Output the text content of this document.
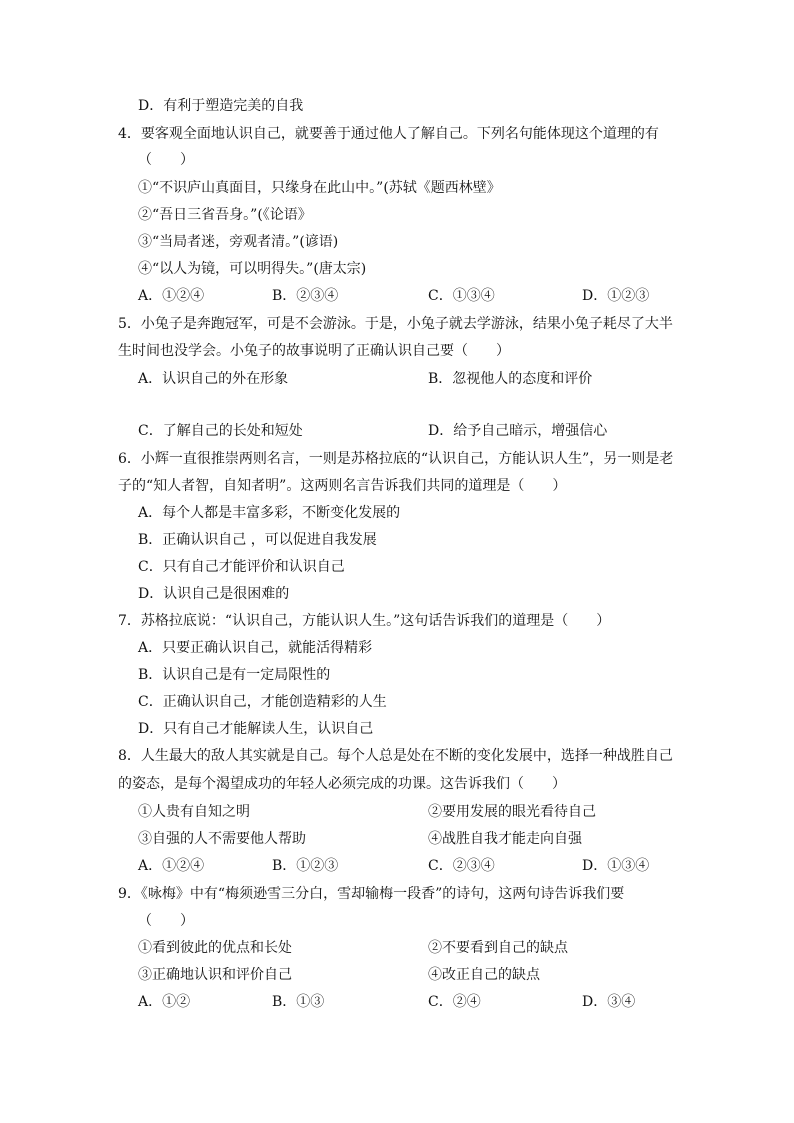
D．有利于塑造完美的自我
4．要客观全面地认识自己，就要善于通过他人了解自己。下列名句能体现这个道理的有
（　　）
①“不识庐山真面目，只缘身在此山中。”(苏轼《题西林壁》
②“吾日三省吾身。”(《论语》
③“当局者迷，旁观者清。”(谚语)
④“以人为镜，可以明得失。”(唐太宗)
A．①②④	B．②③④	C．①③④	D．①②③
5．小兔子是奔跑冠军，可是不会游泳。于是，小兔子就去学游泳，结果小兔子耗尽了大半
生时间也没学会。小兔子的故事说明了正确认识自己要（　　）
A．认识自己的外在形象	B．忽视他人的态度和评价
C．了解自己的长处和短处	D．给予自己暗示，增强信心
6．小辉一直很推崇两则名言，一则是苏格拉底的“认识自己，方能认识人生”，另一则是老
子的“知人者智，自知者明”。这两则名言告诉我们共同的道理是（　　）
A．每个人都是丰富多彩，不断变化发展的
B．正确认识自己 ，可以促进自我发展
C．只有自己才能评价和认识自己
D．认识自己是很困难的
7．苏格拉底说：“认识自己，方能认识人生。”这句话告诉我们的道理是（　　）
A．只要正确认识自己，就能活得精彩
B．认识自己是有一定局限性的
C．正确认识自己，才能创造精彩的人生
D．只有自己才能解读人生，认识自己
8．人生最大的敌人其实就是自己。每个人总是处在不断的变化发展中，选择一种战胜自己
的姿态，是每个渴望成功的年轻人必须完成的功课。这告诉我们（　　）
①人贵有自知之明	②要用发展的眼光看待自己
③自强的人不需要他人帮助	④战胜自我才能走向自强
A．①②④	B．①②③	C．②③④	D．①③④
9．《咏梅》中有“梅须逊雪三分白，雪却输梅一段香”的诗句，这两句诗告诉我们要
（　　）
①看到彼此的优点和长处	②不要看到自己的缺点
③正确地认识和评价自己	④改正自己的缺点
A．①②	B．①③	C．②④	D．③④
